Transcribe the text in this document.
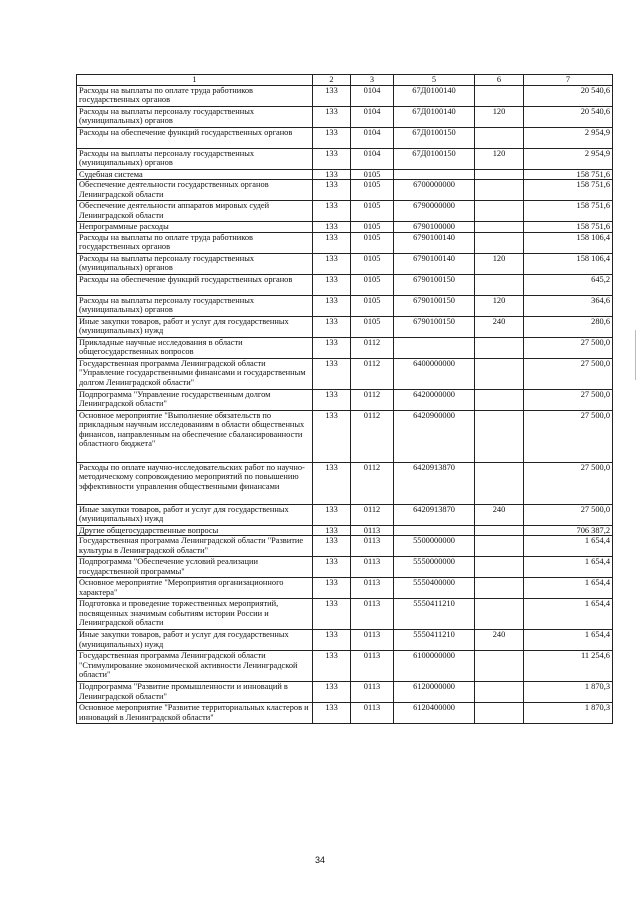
1	2	3	5	6	7
Расходы на выплаты по оплате труда работников государственных органов	133	0104	67Д0100140		20 540,6
Расходы на выплаты персоналу государственных (муниципальных) органов	133	0104	67Д0100140	120	20 540,6
Расходы на обеспечение функций государственных органов	133	0104	67Д0100150		2 954,9
Расходы на выплаты персоналу государственных (муниципальных) органов	133	0104	67Д0100150	120	2 954,9
Судебная система	133	0105			158 751,6
Обеспечение деятельности государственных органов Ленинградской области	133	0105	6700000000		158 751,6
Обеспечение деятельности аппаратов мировых судей Ленинградской области	133	0105	6790000000		158 751,6
Непрограммные расходы	133	0105	6790100000		158 751,6
Расходы на выплаты по оплате труда работников государственных органов	133	0105	6790100140		158 106,4
Расходы на выплаты персоналу государственных (муниципальных) органов	133	0105	6790100140	120	158 106,4
Расходы на обеспечение функций государственных органов	133	0105	6790100150		645,2
Расходы на выплаты персоналу государственных (муниципальных) органов	133	0105	6790100150	120	364,6
Иные закупки товаров, работ и услуг для государственных (муниципальных) нужд	133	0105	6790100150	240	280,6
Прикладные научные исследования в области общегосударственных вопросов	133	0112			27 500,0
Государственная программа Ленинградской области "Управление государственными финансами и государственным долгом Ленинградской области"	133	0112	6400000000		27 500,0
Подпрограмма "Управление государственным долгом Ленинградской области"	133	0112	6420000000		27 500,0
Основное мероприятие "Выполнение обязательств по прикладным научным исследованиям в области общественных финансов, направленным на обеспечение сбалансированности областного бюджета"	133	0112	6420900000		27 500,0
Расходы по оплате научно-исследовательских работ по научно-методическому сопровождению мероприятий по повышению эффективности управления общественными финансами	133	0112	6420913870		27 500,0
Иные закупки товаров, работ и услуг для государственных (муниципальных) нужд	133	0112	6420913870	240	27 500,0
Другие общегосударственные вопросы	133	0113			706 387,2
Государственная программа Ленинградской области "Развитие культуры в Ленинградской области"	133	0113	5500000000		1 654,4
Подпрограмма "Обеспечение условий реализации государственной программы"	133	0113	5550000000		1 654,4
Основное мероприятие "Мероприятия организационного характера"	133	0113	5550400000		1 654,4
Подготовка и проведение торжественных мероприятий, посвященных значимым событиям истории России и Ленинградской области	133	0113	5550411210		1 654,4
Иные закупки товаров, работ и услуг для государственных (муниципальных) нужд	133	0113	5550411210	240	1 654,4
Государственная программа Ленинградской области "Стимулирование экономической активности Ленинградской области"	133	0113	6100000000		11 254,6
Подпрограмма "Развитие промышленности и инноваций в Ленинградской области"	133	0113	6120000000		1 870,3
Основное мероприятие "Развитие территориальных кластеров и инноваций в Ленинградской области"	133	0113	6120400000		1 870,3
34
